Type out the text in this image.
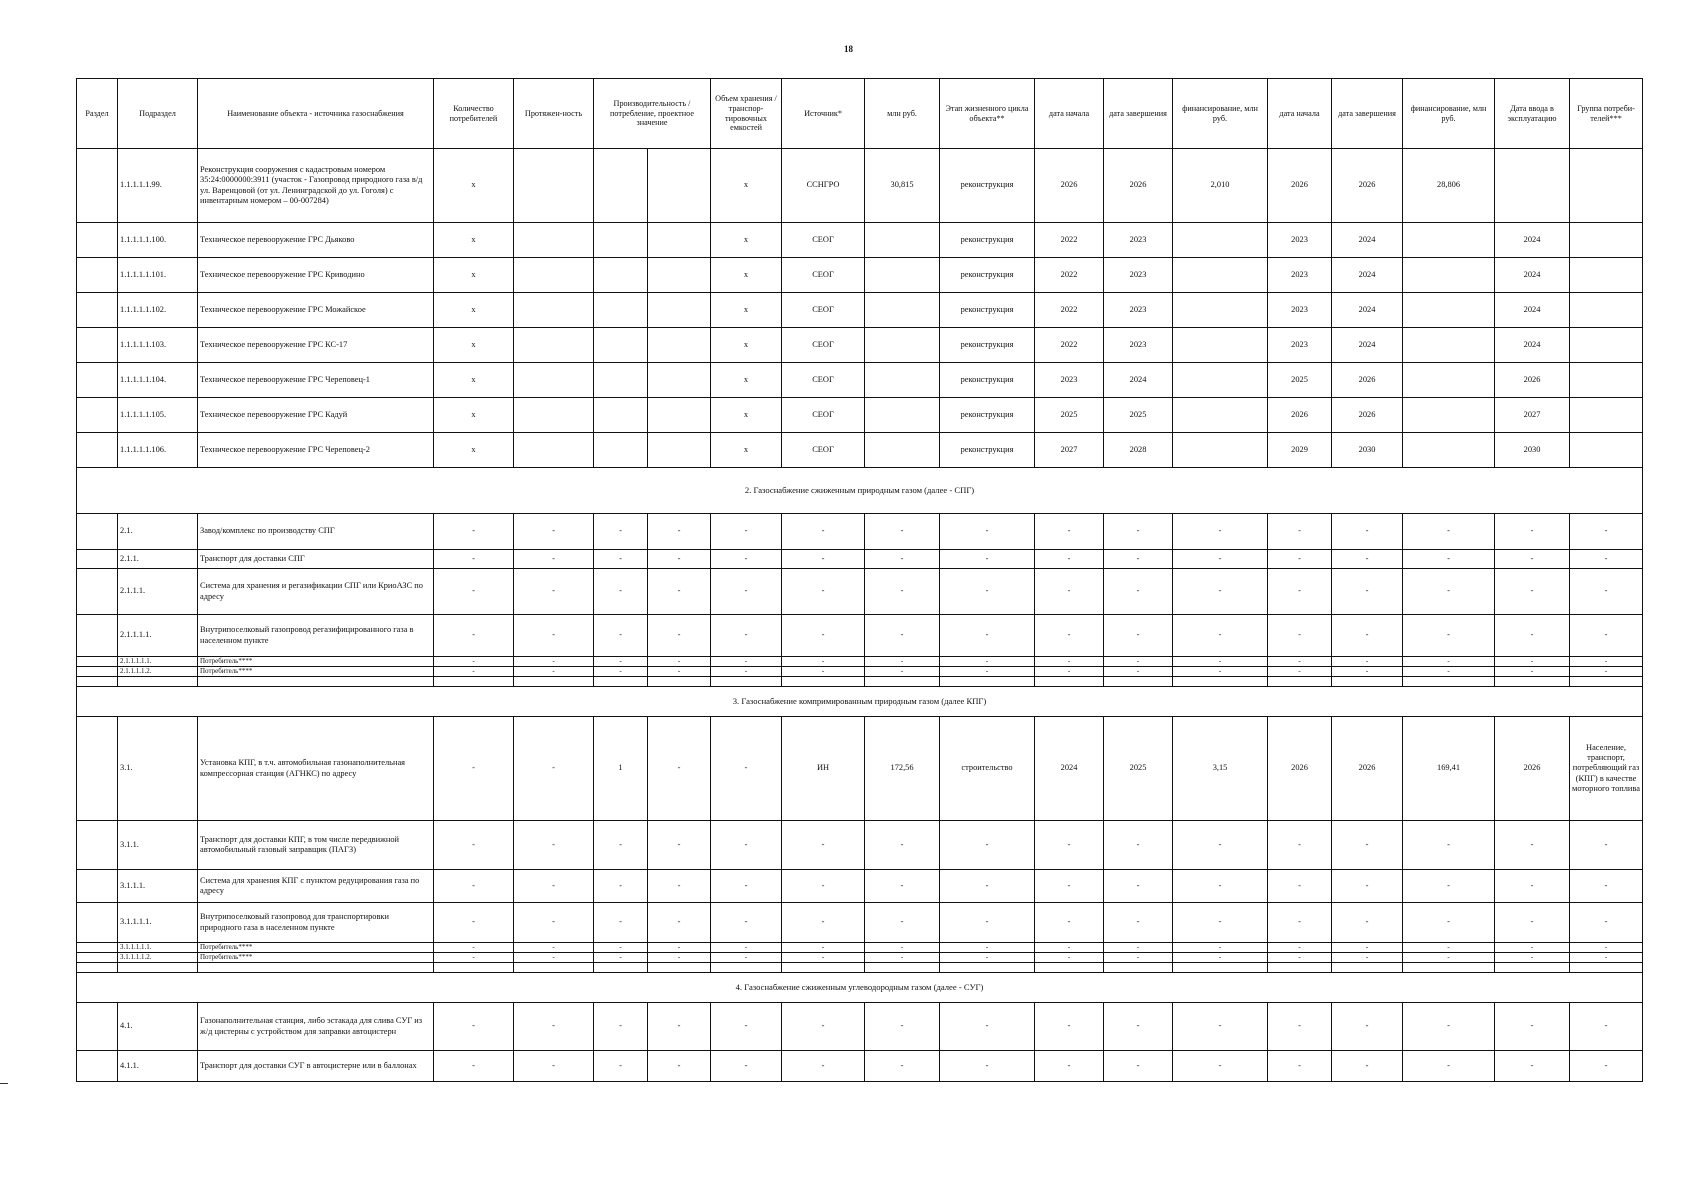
18
Раздел	Подраздел	Наименование объекта - источника газоснабжения	Количество потребителей	Протяжен-ность	Производительность / потребление, проектное значение		Объем хранения / транспор-тировочных емкостей	Источник*	млн руб.	Этап жизненного цикла объекта**	дата начала	дата завершения	финансирование, млн руб.	дата начала	дата завершения	финансирование, млн руб.	Дата ввода в эксплуатацию	Группа потреби-телей***
	1.1.1.1.1.99.	Реконструкция сооружения с кадастровым номером 35:24:0000000:3911 (участок - Газопровод природного газа в/д ул. Варенцовой (от ул. Ленинградской до ул. Гоголя) с инвентарным номером – 00-007284)	x				x	ССНГРО	30,815	реконструкция	2026	2026	2,010	2026	2026	28,806		
	1.1.1.1.1.100.	Техническое перевооружение ГРС Дьяково	x				x	СЕОГ		реконструкция	2022	2023		2023	2024		2024	
	1.1.1.1.1.101.	Техническое перевооружение ГРС Криводино	x				x	СЕОГ		реконструкция	2022	2023		2023	2024		2024	
	1.1.1.1.1.102.	Техническое перевооружение ГРС Можайское	x				x	СЕОГ		реконструкция	2022	2023		2023	2024		2024	
	1.1.1.1.1.103.	Техническое перевооружение ГРС КС-17	x				x	СЕОГ		реконструкция	2022	2023		2023	2024		2024	
	1.1.1.1.1.104.	Техническое перевооружение ГРС Череповец-1	x				x	СЕОГ		реконструкция	2023	2024		2025	2026		2026	
	1.1.1.1.1.105.	Техническое перевооружение ГРС Кадуй	x				x	СЕОГ		реконструкция	2025	2025		2026	2026		2027	
	1.1.1.1.1.106.	Техническое перевооружение ГРС Череповец-2	x				x	СЕОГ		реконструкция	2027	2028		2029	2030		2030	
2. Газоснабжение сжиженным природным газом (далее - СПГ)																		
	2.1.	Завод/комплекс по производству СПГ	-	-	-	-	-	-	-	-	-	-	-	-	-	-	-	-
	2.1.1.	Транспорт для доставки СПГ	-	-	-	-	-	-	-	-	-	-	-	-	-	-	-	-
	2.1.1.1.	Система для хранения и регазификации СПГ или КриоАЗС по адресу	-	-	-	-	-	-	-	-	-	-	-	-	-	-	-	-
	2.1.1.1.1.	Внутрипоселковый газопровод регазифицированного газа в населенном пункте	-	-	-	-	-	-	-	-	-	-	-	-	-	-	-	-
	2.1.1.1.1.1.	Потребитель****	-	-	-	-	-	-	-	-	-	-	-	-	-	-	-	-
	2.1.1.1.1.2.	Потребитель****	-	-	-	-	-	-	-	-	-	-	-	-	-	-	-	-

3. Газоснабжение компримированным природным газом (далее КПГ)																		
	3.1.	Установка КПГ, в т.ч. автомобильная газонаполнительная компрессорная станция (АГНКС) по адресу	-	-	1	-	-	ИН	172,56	строительство	2024	2025	3,15	2026	2026	169,41	2026	Население, транспорт, потребляющий газ (КПГ) в качестве моторного топлива
	3.1.1.	Транспорт для доставки КПГ, в том числе передвижной автомобильный газовый заправщик (ПАГЗ)	-	-	-	-	-	-	-	-	-	-	-	-	-	-	-	-
	3.1.1.1.	Система для хранения КПГ с пунктом редуцирования газа по адресу	-	-	-	-	-	-	-	-	-	-	-	-	-	-	-	-
	3.1.1.1.1.	Внутрипоселковый газопровод для транспортировки природного газа в населенном пункте	-	-	-	-	-	-	-	-	-	-	-	-	-	-	-	-
	3.1.1.1.1.1.	Потребитель****	-	-	-	-	-	-	-	-	-	-	-	-	-	-	-	-
	3.1.1.1.1.2.	Потребитель****	-	-	-	-	-	-	-	-	-	-	-	-	-	-	-	-

4. Газоснабжение сжиженным углеводородным газом (далее - СУГ)																		
	4.1.	Газонаполнительная станция, либо эстакада для слива СУГ из ж/д цистерны с устройством для заправки автоцистерн	-	-	-	-	-	-	-	-	-	-	-	-	-	-	-	-
	4.1.1.	Транспорт для доставки СУГ в автоцистерне или в баллонах	-	-	-	-	-	-	-	-	-	-	-	-	-	-	-	-
